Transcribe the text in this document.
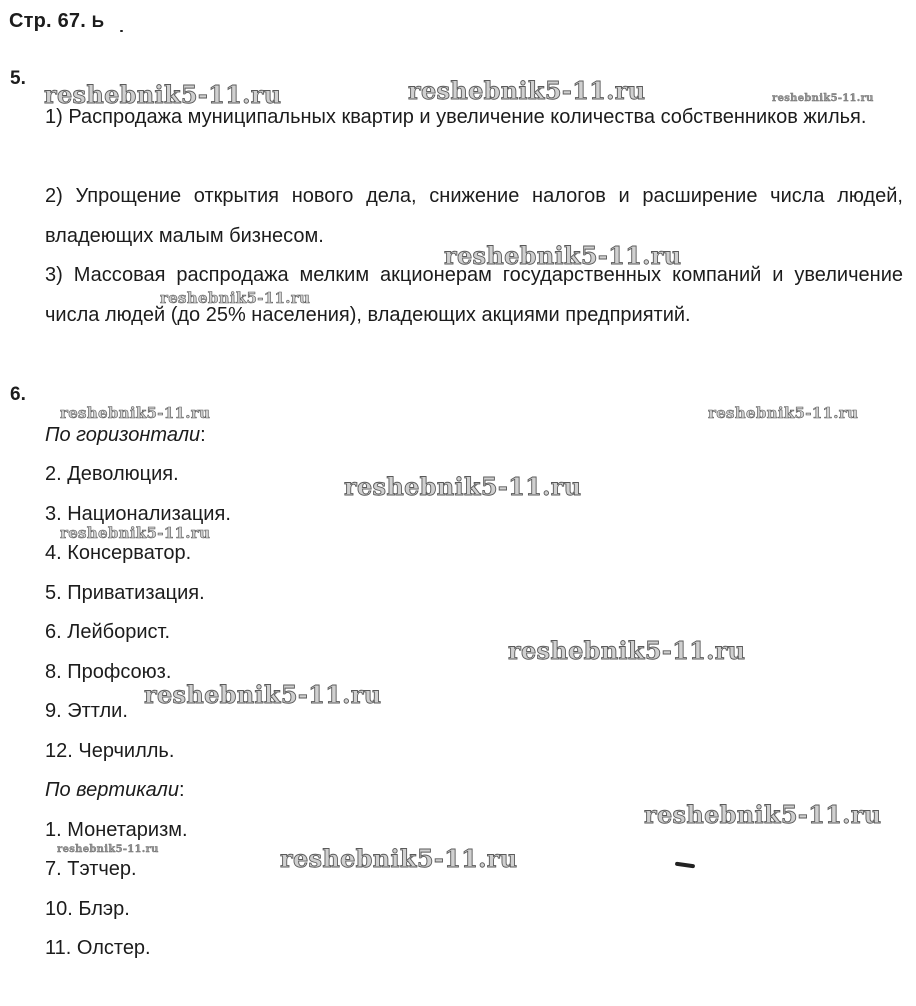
Стр. 67. Ь
5.
1) Распродажа муниципальных квартир и увеличение количества собственников жилья.
2) Упрощение открытия нового дела, снижение налогов и расширение числа людей, владеющих малым бизнесом.
3) Массовая распродажа мелким акционерам государственных компаний и увеличение числа людей (до 25% населения), владеющих акциями предприятий.
6.
По горизонтали:
2. Деволюция.
3. Национализация.
4. Консерватор.
5. Приватизация.
6. Лейборист.
8. Профсоюз.
9. Эттли.
12. Черчилль.
По вертикали:
1. Монетаризм.
7. Тэтчер.
10. Блэр.
11. Олстер.
reshebnik5-11.ru	reshebnik5-11.ru	reshebnik5-11.ru
reshebnik5-11.ru
reshebnik5-11.ru
reshebnik5-11.ru	reshebnik5-11.ru
reshebnik5-11.ru
reshebnik5-11.ru
reshebnik5-11.ru
reshebnik5-11.ru
reshebnik5-11.ru
reshebnik5-11.ru	reshebnik5-11.ru
